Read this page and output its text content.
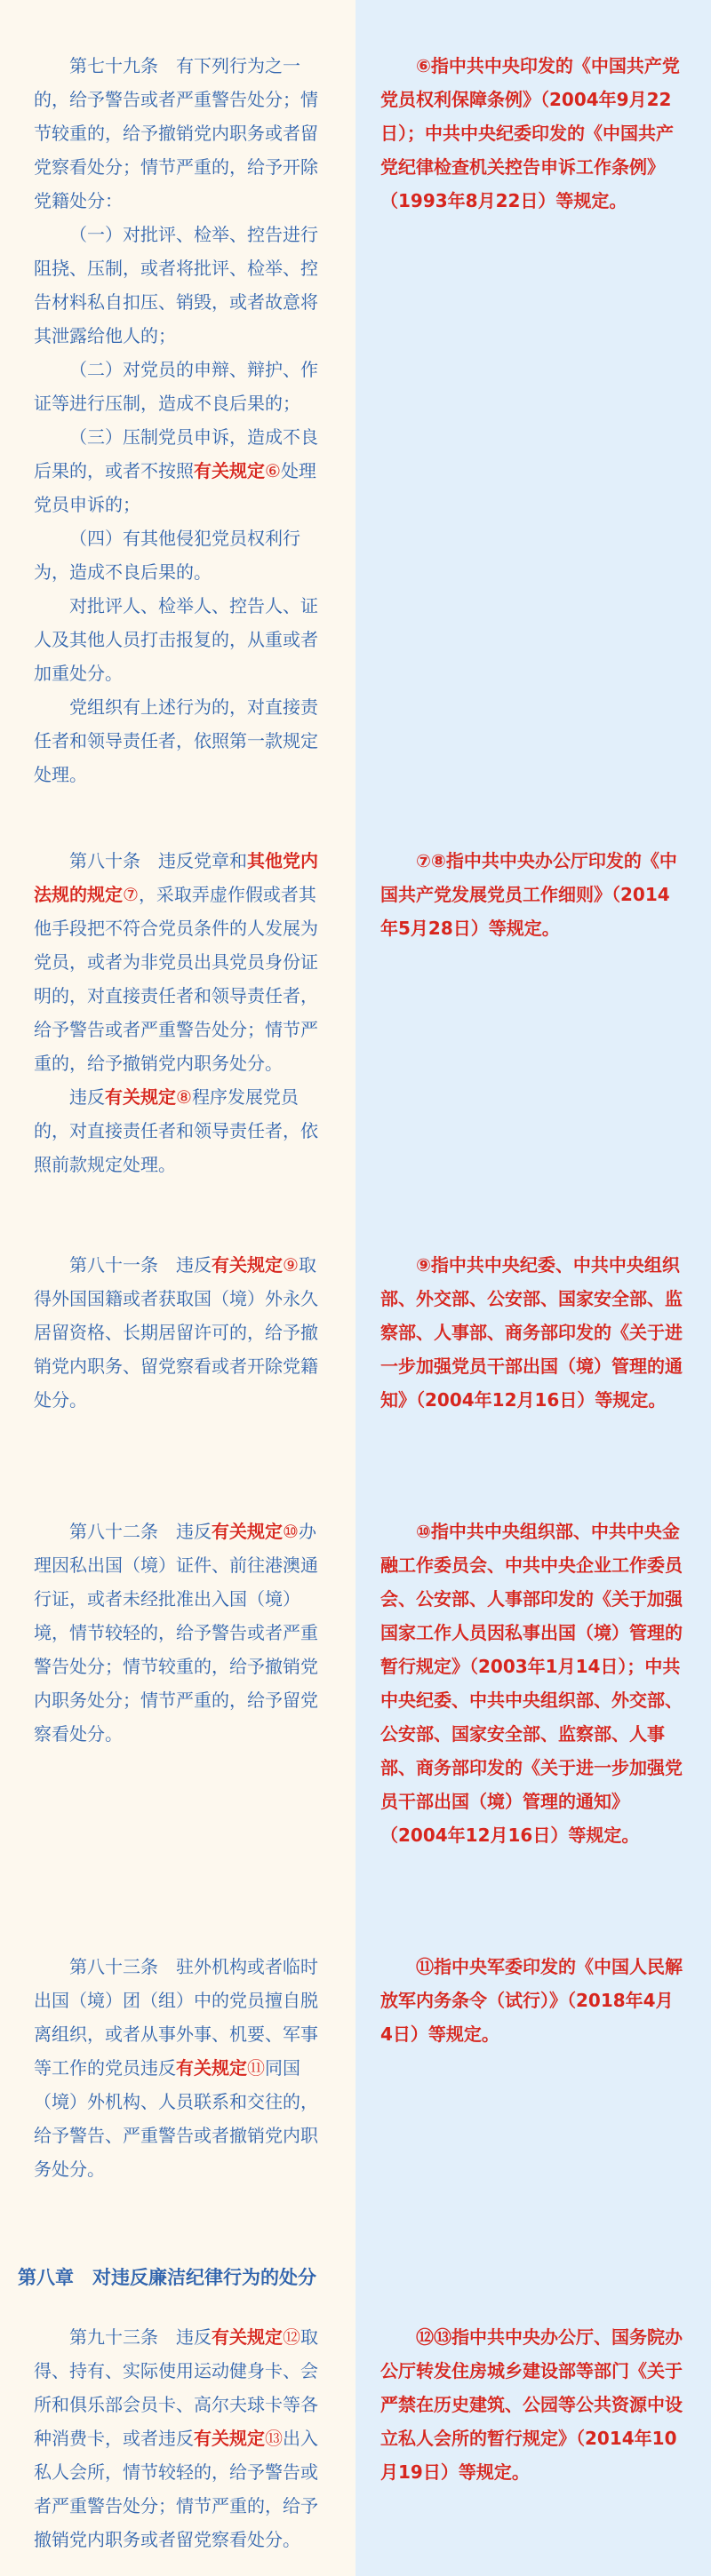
第七十九条　有下列行为之一的，给予警告或者严重警告处分；情节较重的，给予撤销党内职务或者留党察看处分；情节严重的，给予开除党籍处分：

（一）对批评、检举、控告进行阻挠、压制，或者将批评、检举、控告材料私自扣压、销毁，或者故意将其泄露给他人的；

（二）对党员的申辩、辩护、作证等进行压制，造成不良后果的；

（三）压制党员申诉，造成不良后果的，或者不按照有关规定⑥处理党员申诉的；

（四）有其他侵犯党员权利行为，造成不良后果的。

对批评人、检举人、控告人、证人及其他人员打击报复的，从重或者加重处分。

党组织有上述行为的，对直接责任者和领导责任者，依照第一款规定处理。

⑥指中共中央印发的《中国共产党党员权利保障条例》（2004年9月22日）；中共中央纪委印发的《中国共产党纪律检查机关控告申诉工作条例》（1993年8月22日）等规定。

第八十条　违反党章和其他党内法规的规定⑦，采取弄虚作假或者其他手段把不符合党员条件的人发展为党员，或者为非党员出具党员身份证明的，对直接责任者和领导责任者，给予警告或者严重警告处分；情节严重的，给予撤销党内职务处分。

违反有关规定⑧程序发展党员的，对直接责任者和领导责任者，依照前款规定处理。

⑦⑧指中共中央办公厅印发的《中国共产党发展党员工作细则》（2014年5月28日）等规定。

第八十一条　违反有关规定⑨取得外国国籍或者获取国（境）外永久居留资格、长期居留许可的，给予撤销党内职务、留党察看或者开除党籍处分。

⑨指中共中央纪委、中共中央组织部、外交部、公安部、国家安全部、监察部、人事部、商务部印发的《关于进一步加强党员干部出国（境）管理的通知》（2004年12月16日）等规定。

第八十二条　违反有关规定⑩办理因私出国（境）证件、前往港澳通行证，或者未经批准出入国（境）境，情节较轻的，给予警告或者严重警告处分；情节较重的，给予撤销党内职务处分；情节严重的，给予留党察看处分。

⑩指中共中央组织部、中共中央金融工作委员会、中共中央企业工作委员会、公安部、人事部印发的《关于加强国家工作人员因私事出国（境）管理的暂行规定》（2003年1月14日）；中共中央纪委、中共中央组织部、外交部、公安部、国家安全部、监察部、人事部、商务部印发的《关于进一步加强党员干部出国（境）管理的通知》（2004年12月16日）等规定。

第八十三条　驻外机构或者临时出国（境）团（组）中的党员擅自脱离组织，或者从事外事、机要、军事等工作的党员违反有关规定⑪同国（境）外机构、人员联系和交往的，给予警告、严重警告或者撤销党内职务处分。

⑪指中央军委印发的《中国人民解放军内务条令（试行）》（2018年4月4日）等规定。

第八章　对违反廉洁纪律行为的处分

第九十三条　违反有关规定⑫取得、持有、实际使用运动健身卡、会所和俱乐部会员卡、高尔夫球卡等各种消费卡，或者违反有关规定⑬出入私人会所，情节较轻的，给予警告或者严重警告处分；情节严重的，给予撤销党内职务或者留党察看处分。

⑫⑬指中共中央办公厅、国务院办公厅转发住房城乡建设部等部门《关于严禁在历史建筑、公园等公共资源中设立私人会所的暂行规定》（2014年10月19日）等规定。
